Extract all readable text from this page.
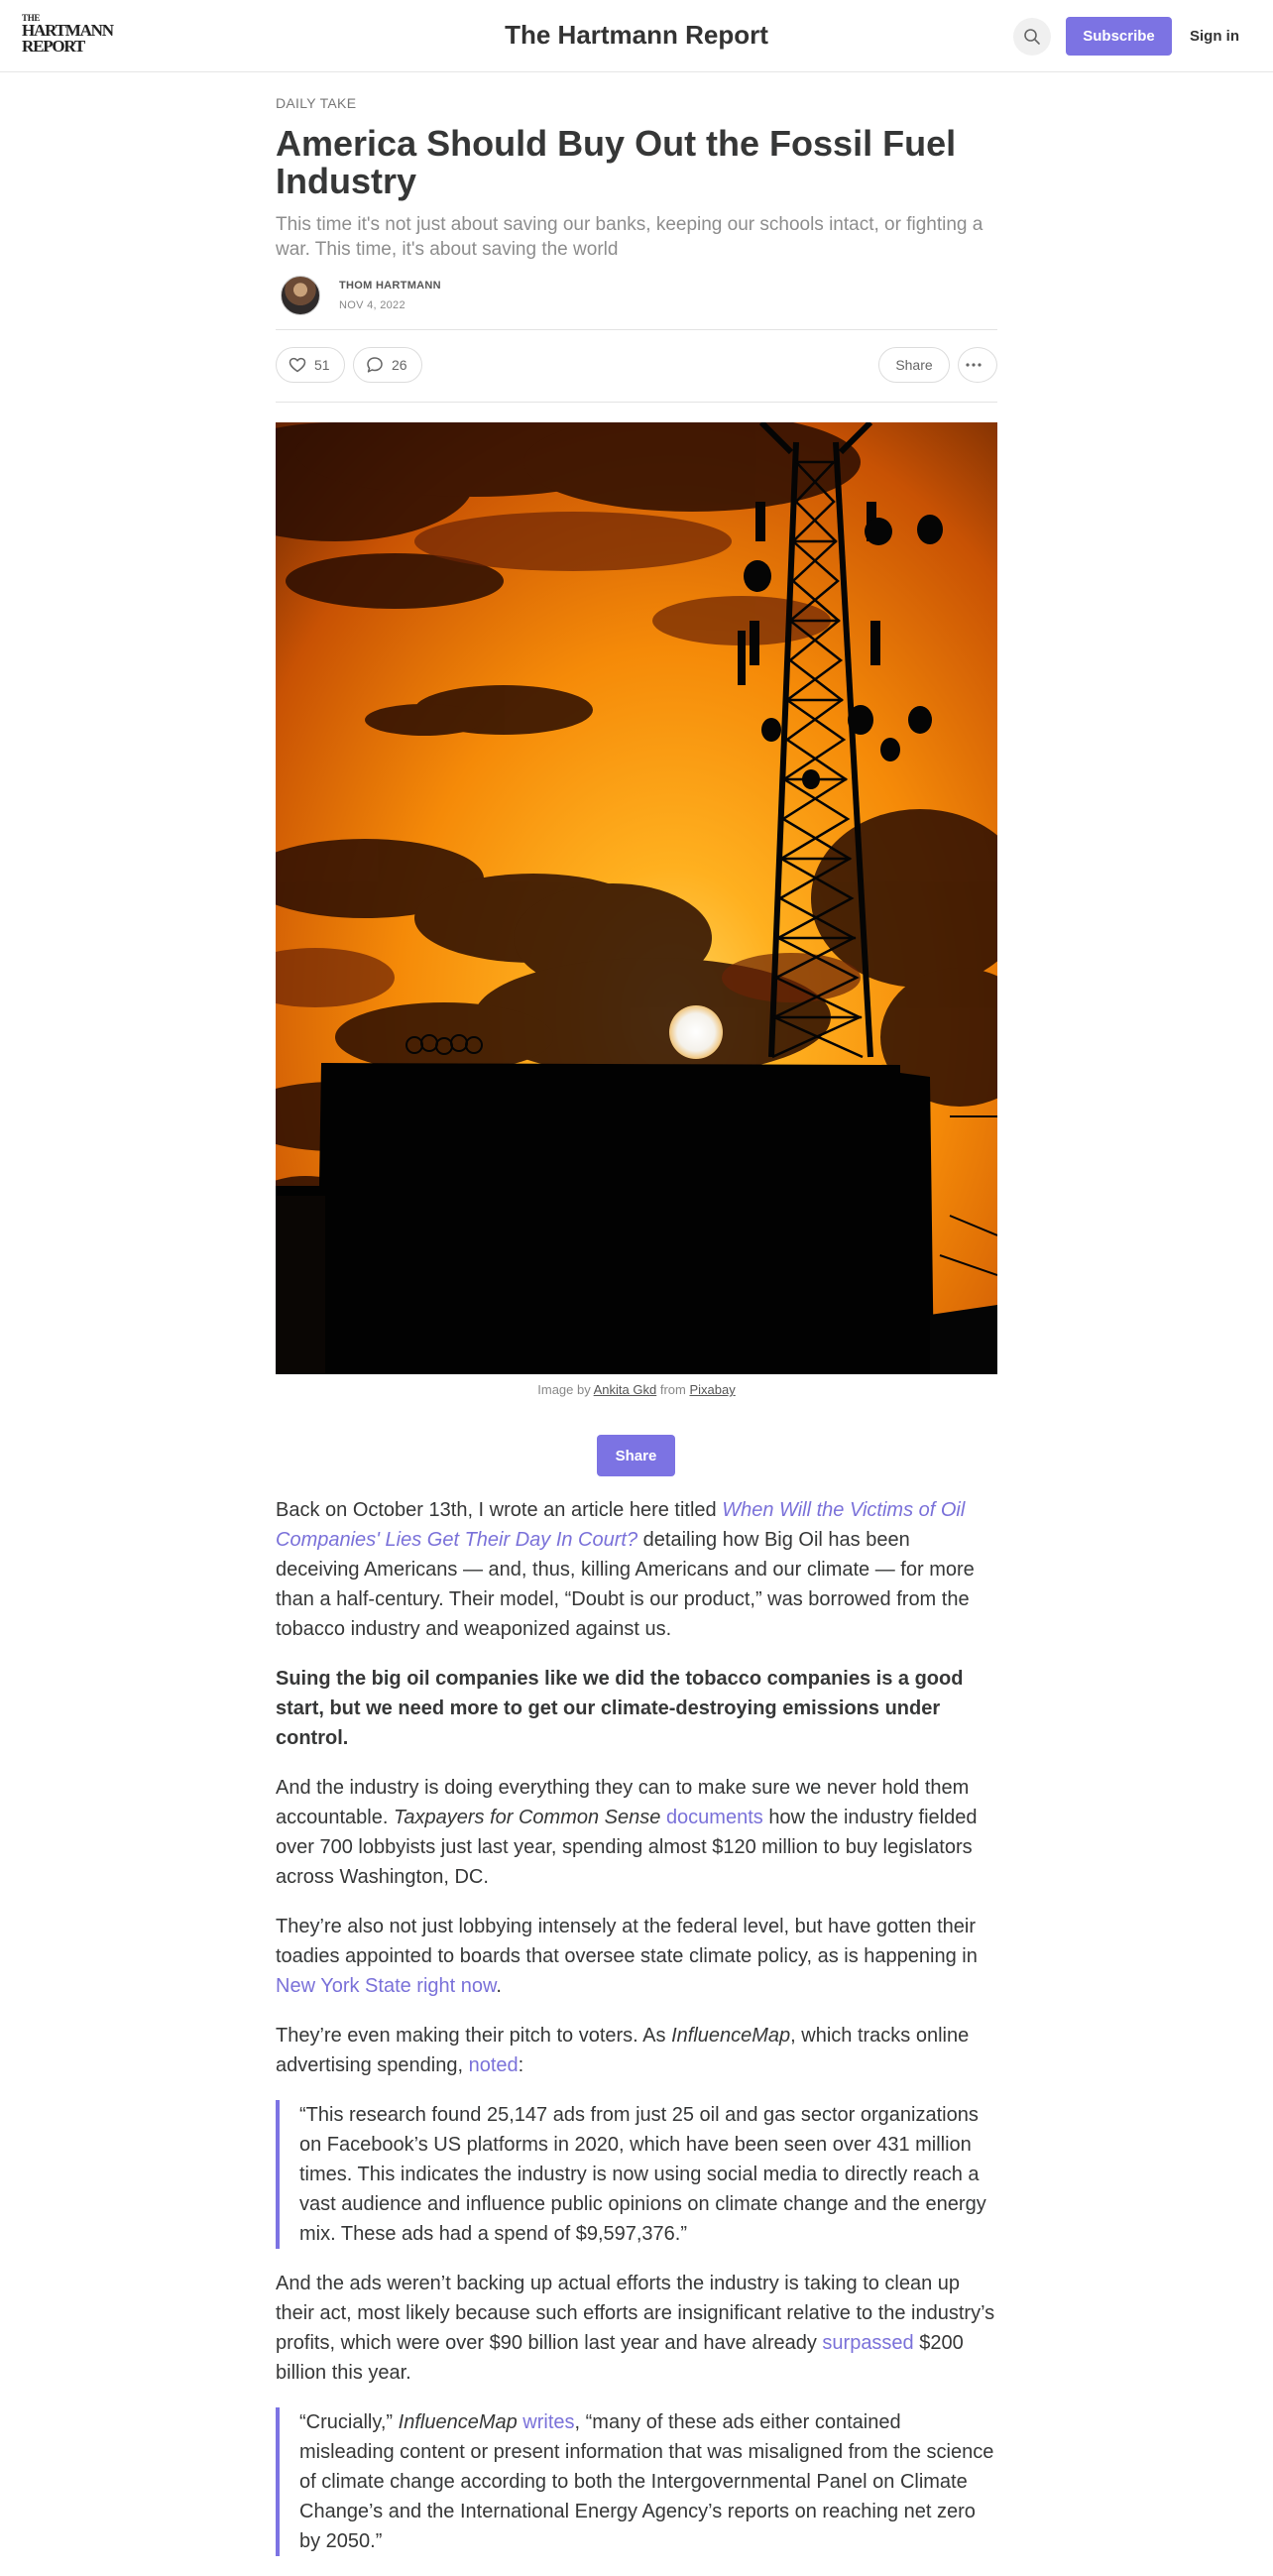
THE
HARTMANN
REPORT	The Hartmann Report	Subscribe	Sign in
DAILY TAKE
America Should Buy Out the Fossil Fuel Industry
This time it's not just about saving our banks, keeping our schools intact, or fighting a war. This time, it's about saving the world
THOM HARTMANN
NOV 4, 2022
51	26	Share
Image by Ankita Gkd from Pixabay
Share

Back on October 13th, I wrote an article here titled When Will the Victims of Oil Companies' Lies Get Their Day In Court? detailing how Big Oil has been deceiving Americans — and, thus, killing Americans and our climate — for more than a half-century. Their model, “Doubt is our product,” was borrowed from the tobacco industry and weaponized against us.

Suing the big oil companies like we did the tobacco companies is a good start, but we need more to get our climate-destroying emissions under control.

And the industry is doing everything they can to make sure we never hold them accountable. Taxpayers for Common Sense documents how the industry fielded over 700 lobbyists just last year, spending almost $120 million to buy legislators across Washington, DC.

They’re also not just lobbying intensely at the federal level, but have gotten their toadies appointed to boards that oversee state climate policy, as is happening in New York State right now.

They’re even making their pitch to voters. As InfluenceMap, which tracks online advertising spending, noted:

“This research found 25,147 ads from just 25 oil and gas sector organizations on Facebook’s US platforms in 2020, which have been seen over 431 million times. This indicates the industry is now using social media to directly reach a vast audience and influence public opinions on climate change and the energy mix. These ads had a spend of $9,597,376.”

And the ads weren’t backing up actual efforts the industry is taking to clean up their act, most likely because such efforts are insignificant relative to the industry’s profits, which were over $90 billion last year and have already surpassed $200 billion this year.

“Crucially,” InfluenceMap writes, “many of these ads either contained misleading content or present information that was misaligned from the science of climate change according to both the Intergovernmental Panel on Climate Change’s and the International Energy Agency’s reports on reaching net zero by 2050.”
